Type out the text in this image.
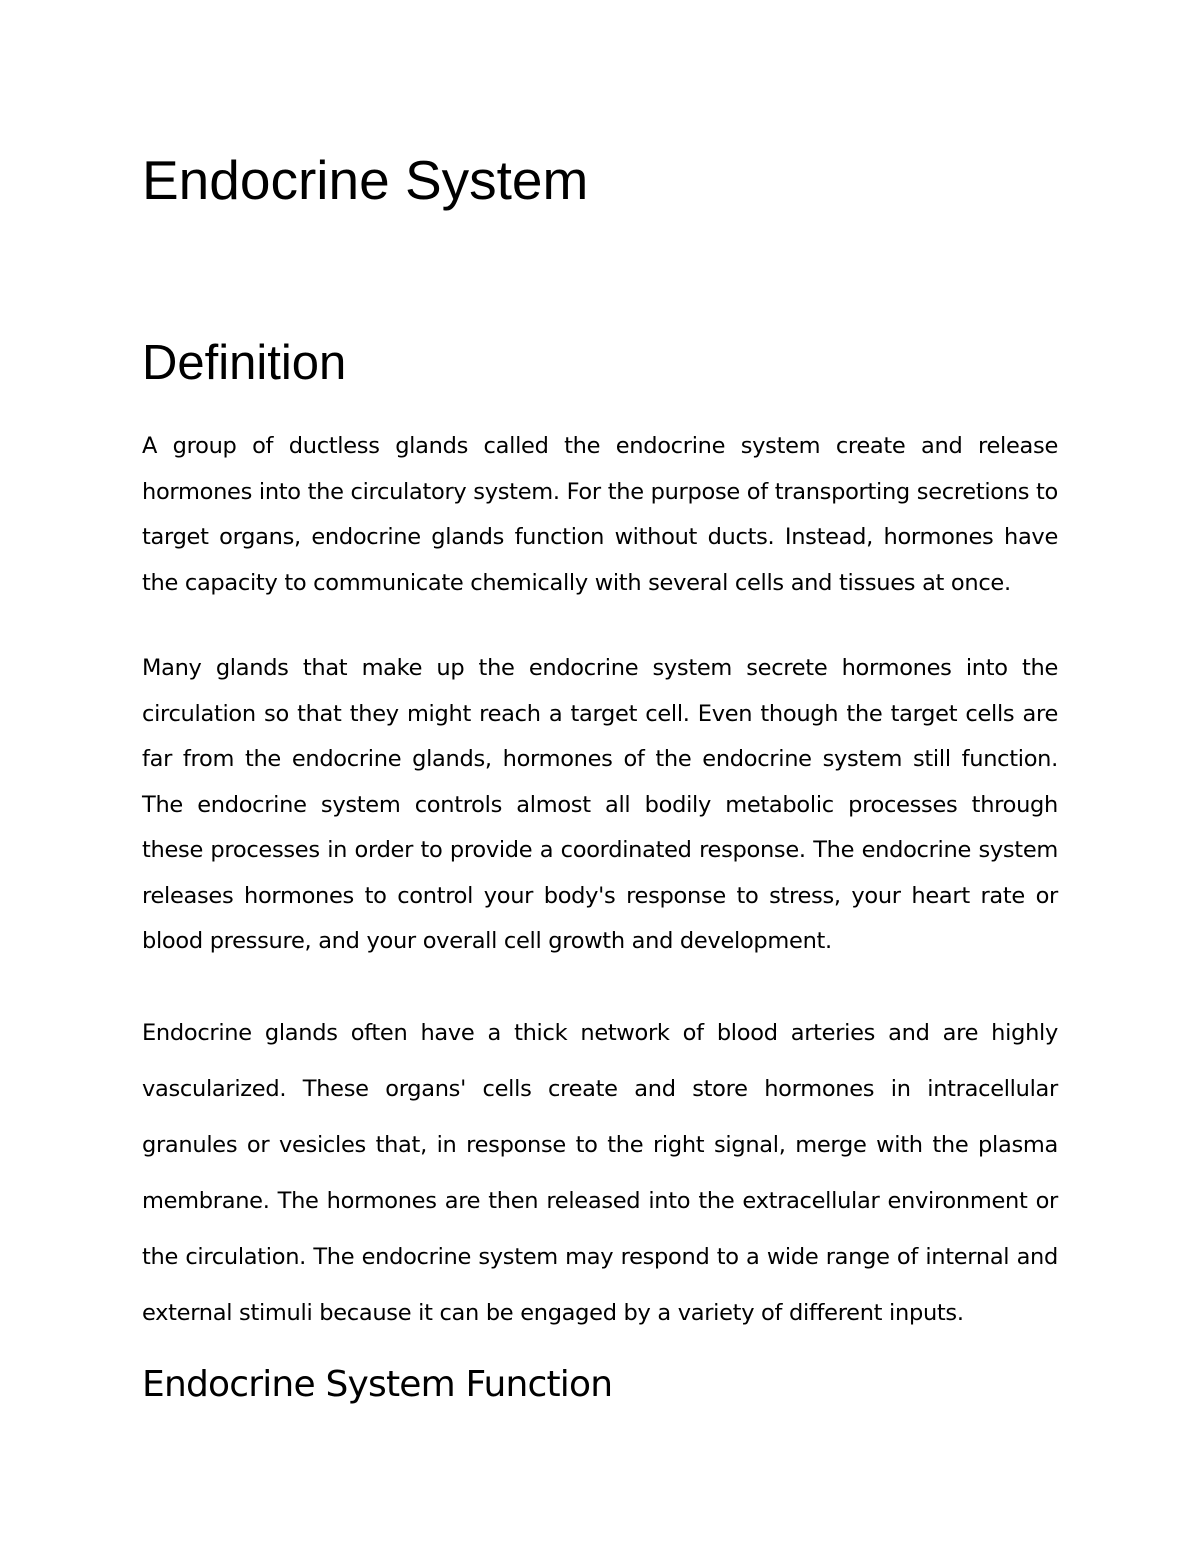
Endocrine System
Definition

A group of ductless glands called the endocrine system create and release hormones into the circulatory system. For the purpose of transporting secretions to target organs, endocrine glands function without ducts. Instead, hormones have the capacity to communicate chemically with several cells and tissues at once.

Many glands that make up the endocrine system secrete hormones into the circulation so that they might reach a target cell. Even though the target cells are far from the endocrine glands, hormones of the endocrine system still function. The endocrine system controls almost all bodily metabolic processes through these processes in order to provide a coordinated response. The endocrine system releases hormones to control your body's response to stress, your heart rate or blood pressure, and your overall cell growth and development.

Endocrine glands often have a thick network of blood arteries and are highly vascularized. These organs' cells create and store hormones in intracellular granules or vesicles that, in response to the right signal, merge with the plasma membrane. The hormones are then released into the extracellular environment or the circulation. The endocrine system may respond to a wide range of internal and external stimuli because it can be engaged by a variety of different inputs.

Endocrine System Function
